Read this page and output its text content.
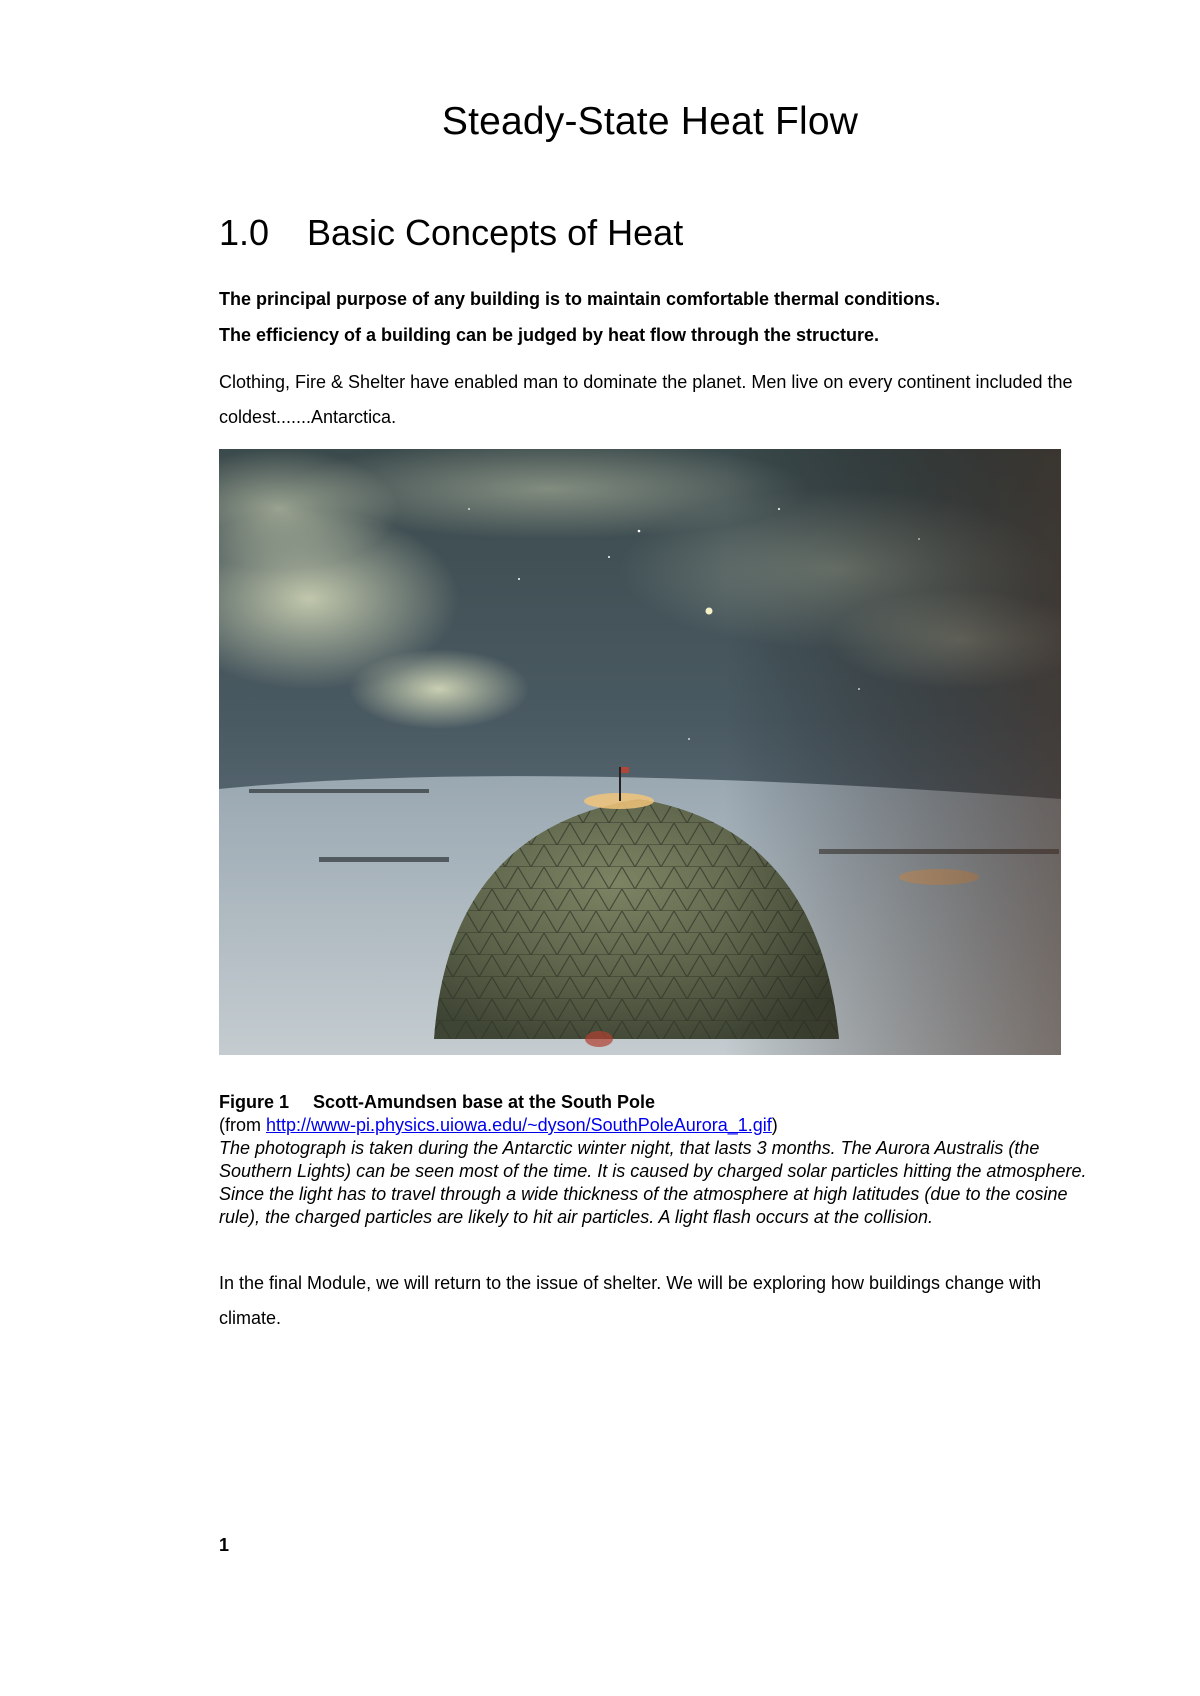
Steady-State Heat Flow
1.0 Basic Concepts of Heat
The principal purpose of any building is to maintain comfortable thermal conditions.
The efficiency of a building can be judged by heat flow through the structure.

Clothing, Fire & Shelter have enabled man to dominate the planet. Men live on every continent included the coldest.......Antarctica.

Figure 1 Scott-Amundsen base at the South Pole
(from http://www-pi.physics.uiowa.edu/~dyson/SouthPoleAurora_1.gif)
The photograph is taken during the Antarctic winter night, that lasts 3 months. The Aurora Australis (the Southern Lights) can be seen most of the time. It is caused by charged solar particles hitting the atmosphere. Since the light has to travel through a wide thickness of the atmosphere at high latitudes (due to the cosine rule), the charged particles are likely to hit air particles. A light flash occurs at the collision.

In the final Module, we will return to the issue of shelter. We will be exploring how buildings change with climate.

1
